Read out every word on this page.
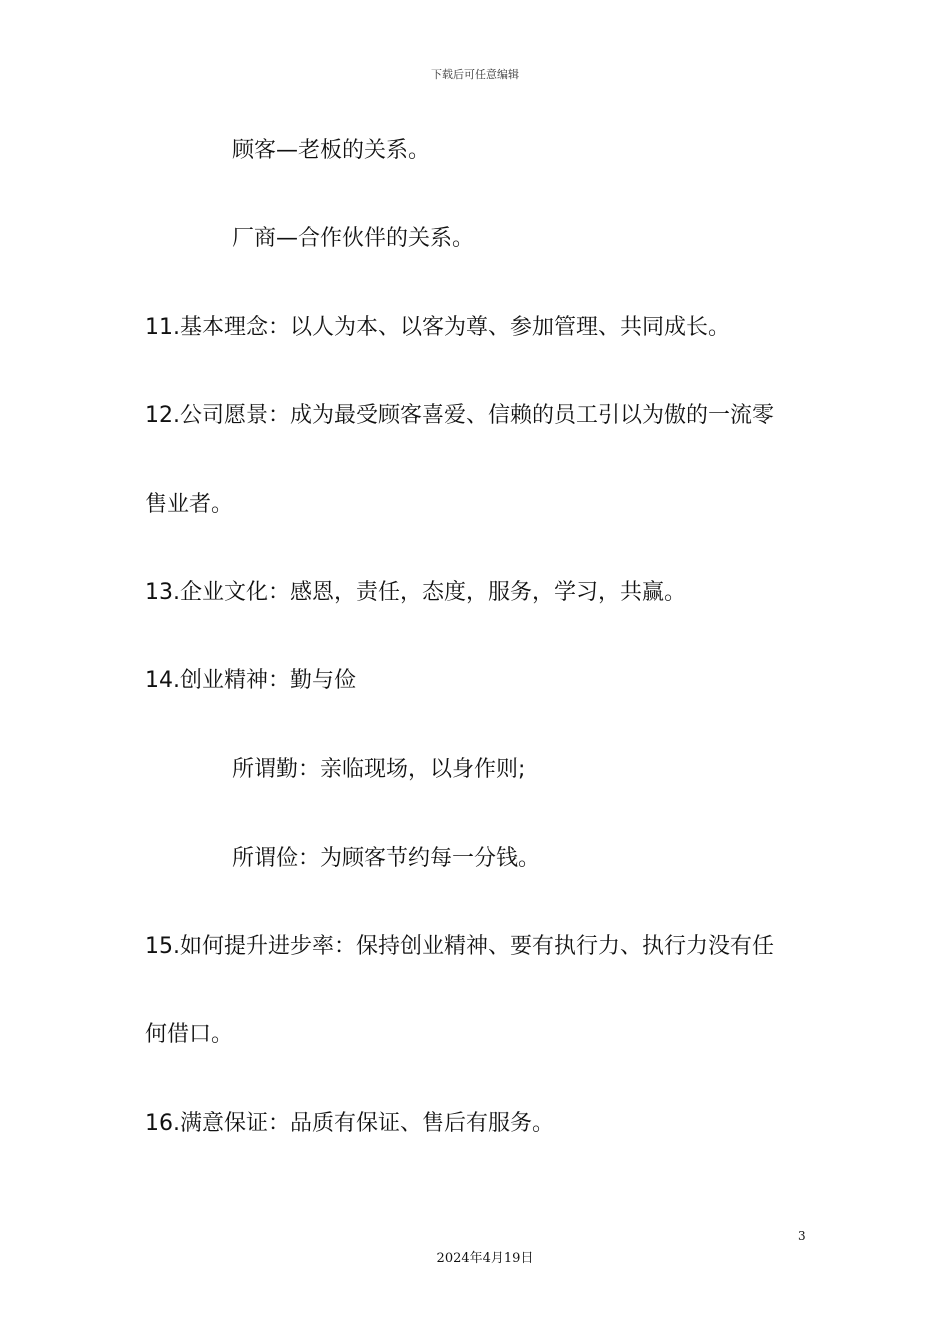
下载后可任意编辑
顾客—老板的关系。
厂商—合作伙伴的关系。
11.基本理念：以人为本、以客为尊、参加管理、共同成长。
12.公司愿景：成为最受顾客喜爱、信赖的员工引以为傲的一流零
售业者。
13.企业文化：感恩，责任，态度，服务，学习，共赢。
14.创业精神：勤与俭
所谓勤：亲临现场，以身作则;
所谓俭：为顾客节约每一分钱。
15.如何提升进步率：保持创业精神、要有执行力、执行力没有任
何借口。
16.满意保证：品质有保证、售后有服务。
3
2024年4月19日
